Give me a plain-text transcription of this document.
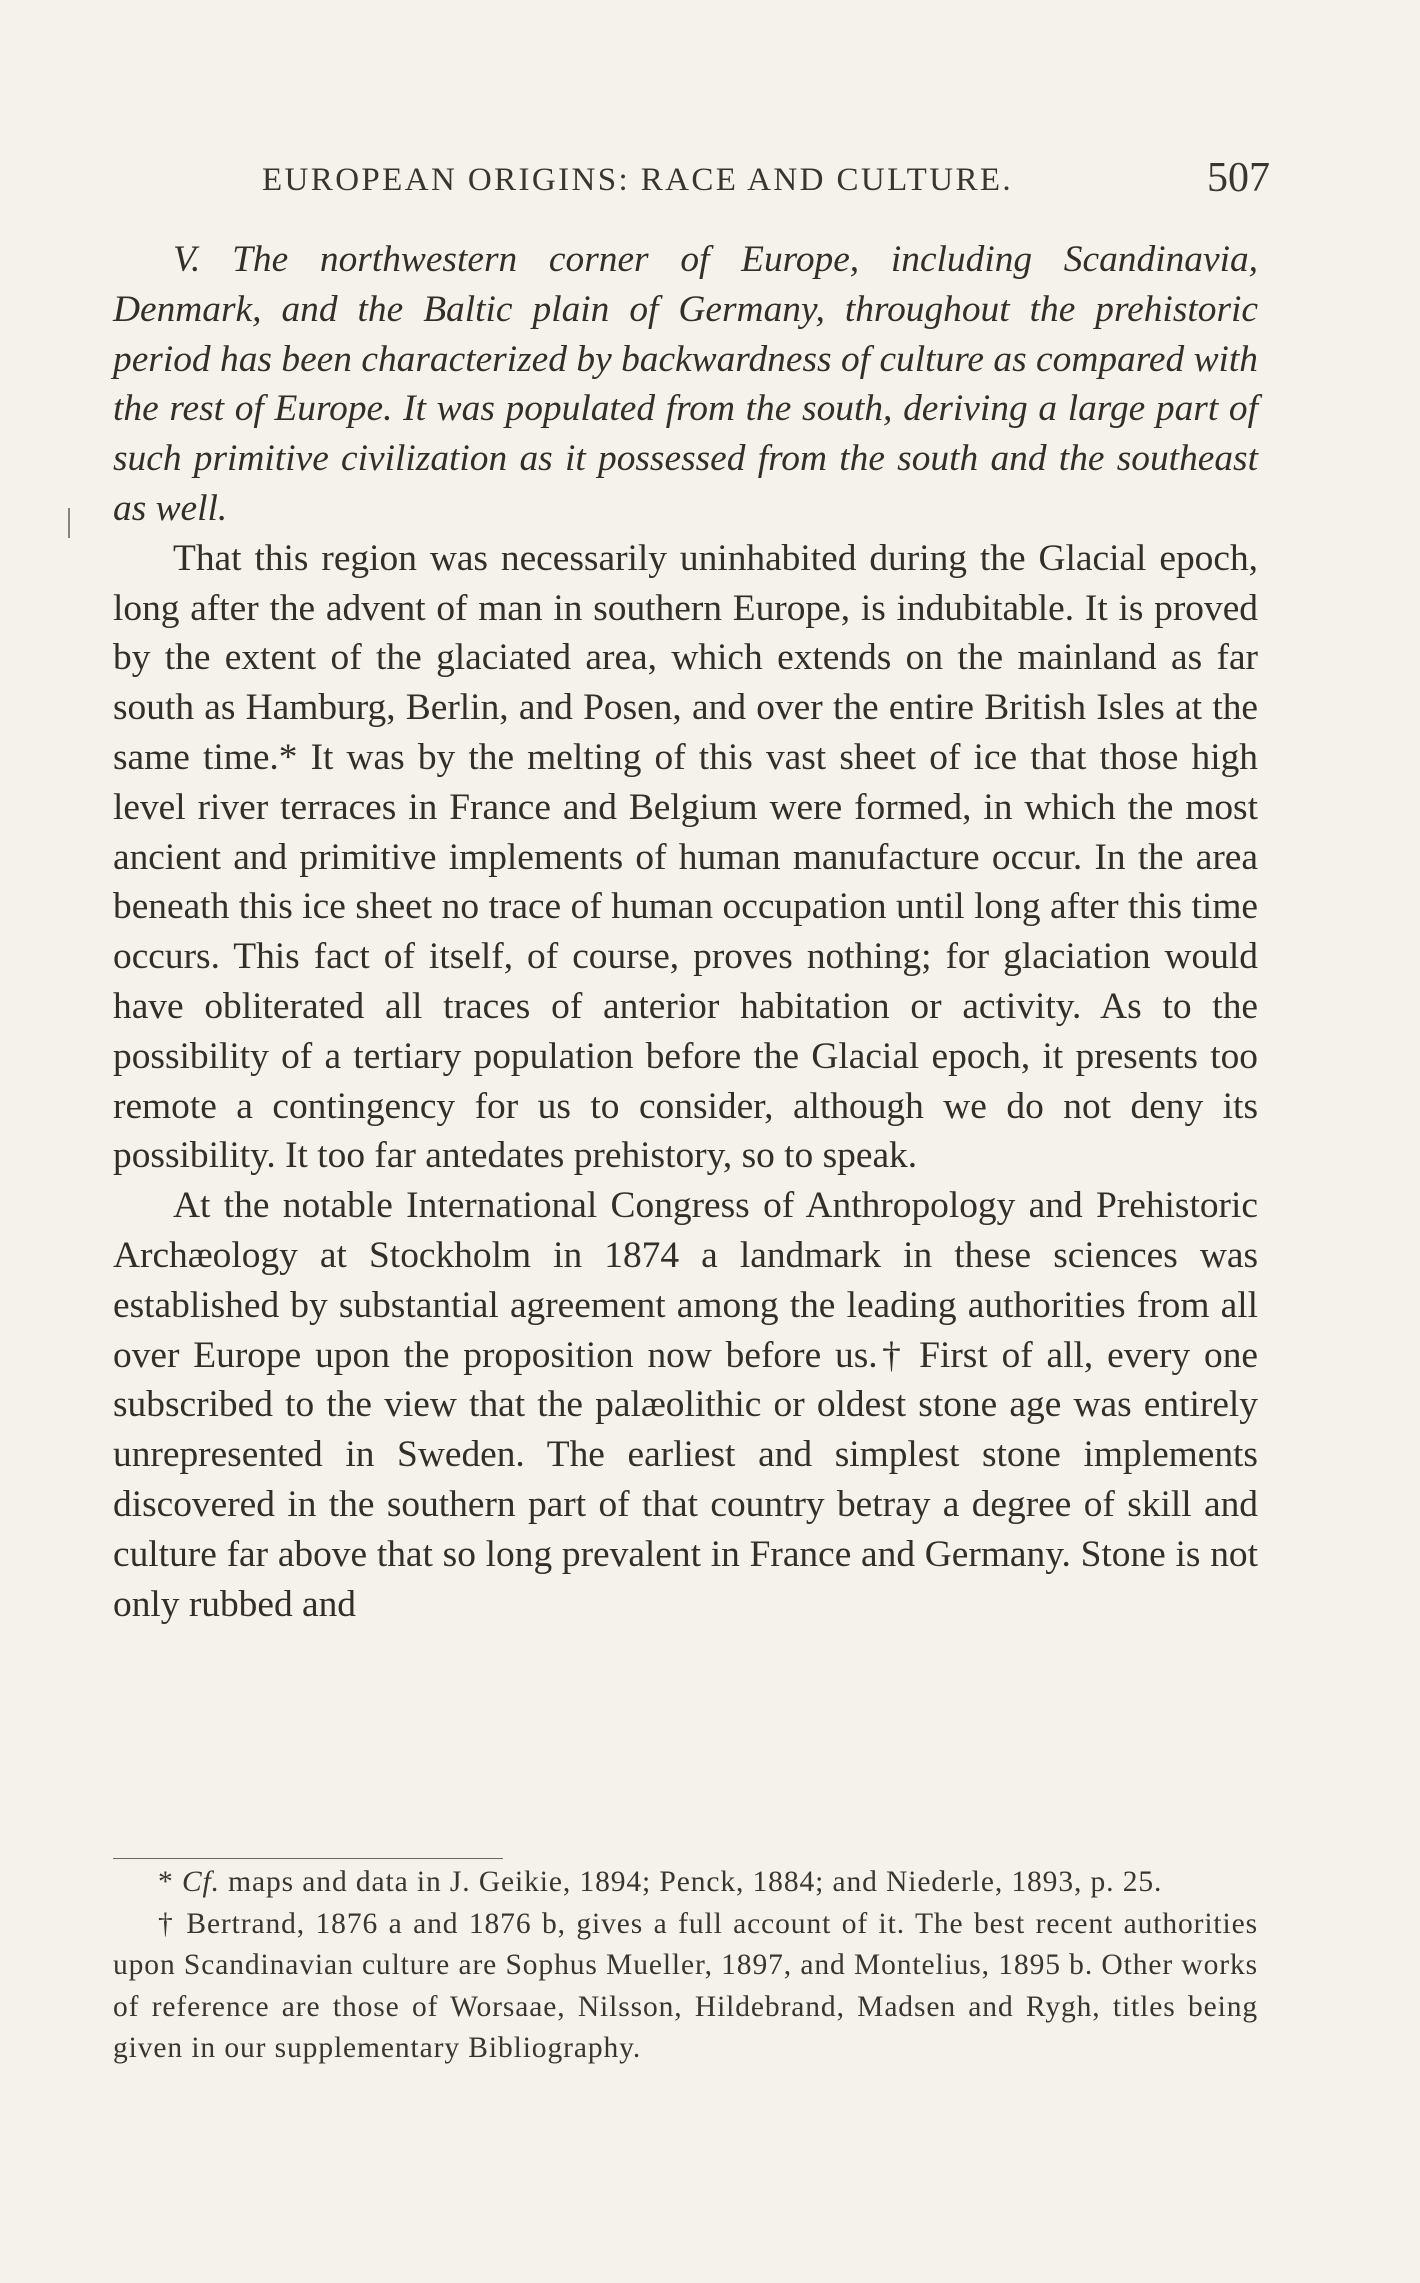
EUROPEAN ORIGINS: RACE AND CULTURE.	507

V. The northwestern corner of Europe, including Scandinavia, Denmark, and the Baltic plain of Germany, throughout the prehistoric period has been characterized by backwardness of culture as compared with the rest of Europe. It was populated from the south, deriving a large part of such primitive civilization as it possessed from the south and the southeast as well.

That this region was necessarily uninhabited during the Glacial epoch, long after the advent of man in southern Europe, is indubitable. It is proved by the extent of the glaciated area, which extends on the mainland as far south as Hamburg, Berlin, and Posen, and over the entire British Isles at the same time.* It was by the melting of this vast sheet of ice that those high level river terraces in France and Belgium were formed, in which the most ancient and primitive implements of human manufacture occur. In the area beneath this ice sheet no trace of human occupation until long after this time occurs. This fact of itself, of course, proves nothing; for glaciation would have obliterated all traces of anterior habitation or activity. As to the possibility of a tertiary population before the Glacial epoch, it presents too remote a contingency for us to consider, although we do not deny its possibility. It too far antedates prehistory, so to speak.

At the notable International Congress of Anthropology and Prehistoric Archæology at Stockholm in 1874 a landmark in these sciences was established by substantial agreement among the leading authorities from all over Europe upon the proposition now before us.† First of all, every one subscribed to the view that the palæolithic or oldest stone age was entirely unrepresented in Sweden. The earliest and simplest stone implements discovered in the southern part of that country betray a degree of skill and culture far above that so long prevalent in France and Germany. Stone is not only rubbed and

* Cf. maps and data in J. Geikie, 1894; Penck, 1884; and Niederle, 1893, p. 25.

† Bertrand, 1876 a and 1876 b, gives a full account of it. The best recent authorities upon Scandinavian culture are Sophus Mueller, 1897, and Montelius, 1895 b. Other works of reference are those of Worsaae, Nilsson, Hildebrand, Madsen and Rygh, titles being given in our supplementary Bibliography.
